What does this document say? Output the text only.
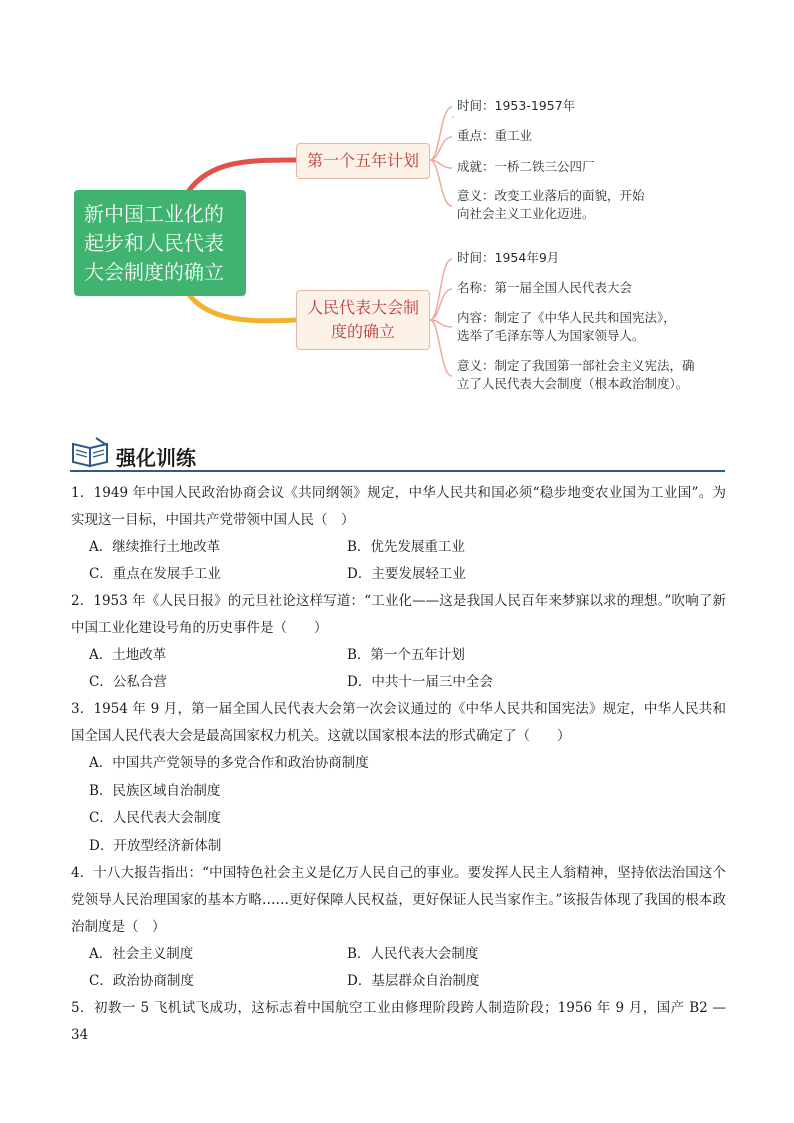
新中国工业化的
起步和人民代表
大会制度的确立
第一个五年计划
人民代表大会制
度的确立
时间：1953-1957年
重点：重工业
成就：一桥二铁三公四厂
意义：改变工业落后的面貌，开始
向社会主义工业化迈进。
时间：1954年9月
名称：第一届全国人民代表大会
内容：制定了《中华人民共和国宪法》，
选举了毛泽东等人为国家领导人。
意义：制定了我国第一部社会主义宪法，确
立了人民代表大会制度（根本政治制度）。
强化训练
1．1949 年中国人民政治协商会议《共同纲领》规定，中华人民共和国必须“稳步地变农业国为工业国”。为实现这一目标，中国共产党带领中国人民（　）
A．继续推行土地改革	B．优先发展重工业
C．重点在发展手工业	D．主要发展轻工业
2．1953 年《人民日报》的元旦社论这样写道：“工业化——这是我国人民百年来梦寐以求的理想。”吹响了新中国工业化建设号角的历史事件是（　　）
A．土地改革	B．第一个五年计划
C．公私合营	D．中共十一届三中全会
3．1954 年 9 月，第一届全国人民代表大会第一次会议通过的《中华人民共和国宪法》规定，中华人民共和国全国人民代表大会是最高国家权力机关。这就以国家根本法的形式确定了（　　）
A．中国共产党领导的多党合作和政治协商制度
B．民族区域自治制度
C．人民代表大会制度
D．开放型经济新体制
4．十八大报告指出：“中国特色社会主义是亿万人民自己的事业。要发挥人民主人翁精神，坚持依法治国这个党领导人民治理国家的基本方略……更好保障人民权益，更好保证人民当家作主。”该报告体现了我国的根本政治制度是（　）
A．社会主义制度	B．人民代表大会制度
C．政治协商制度	D．基层群众自治制度
5．初教一 5 飞机试飞成功，这标志着中国航空工业由修理阶段跨人制造阶段；1956 年 9 月，国产 B2 — 34
